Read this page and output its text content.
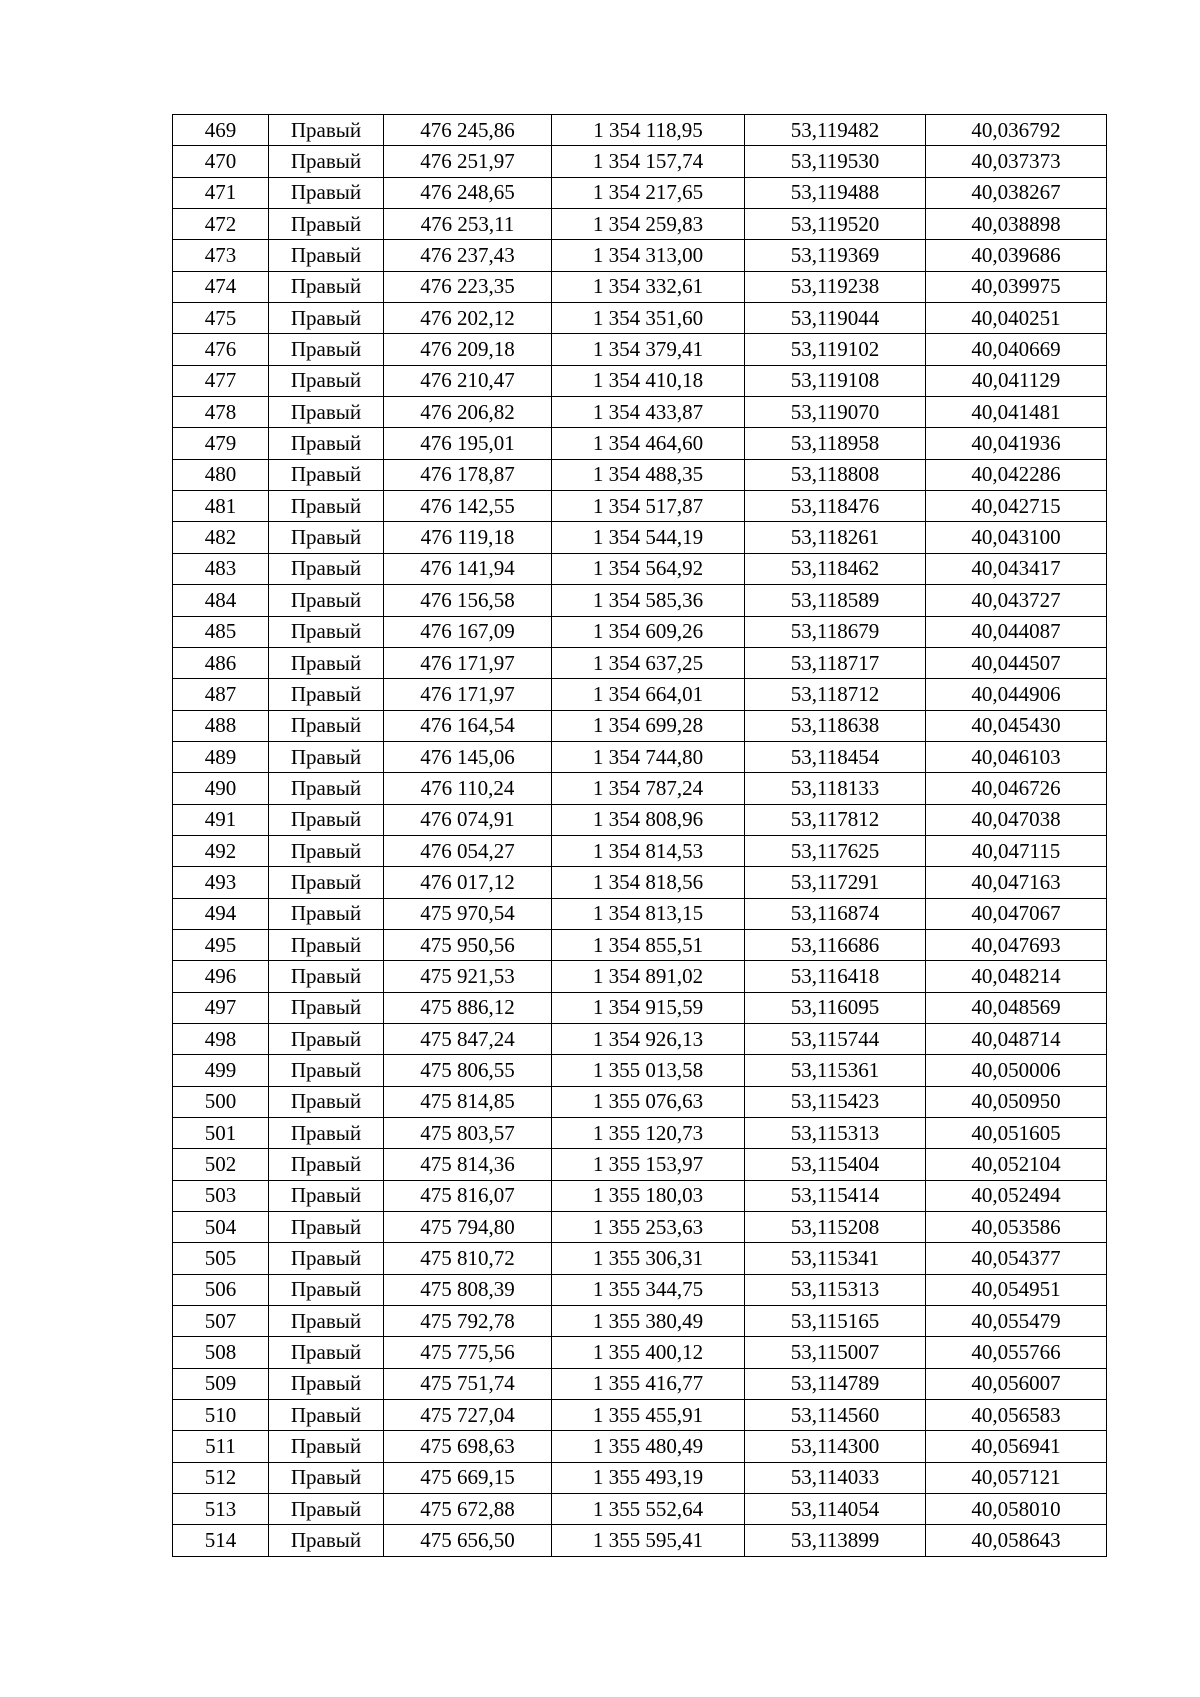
469	Правый	476 245,86	1 354 118,95	53,119482	40,036792
470	Правый	476 251,97	1 354 157,74	53,119530	40,037373
471	Правый	476 248,65	1 354 217,65	53,119488	40,038267
472	Правый	476 253,11	1 354 259,83	53,119520	40,038898
473	Правый	476 237,43	1 354 313,00	53,119369	40,039686
474	Правый	476 223,35	1 354 332,61	53,119238	40,039975
475	Правый	476 202,12	1 354 351,60	53,119044	40,040251
476	Правый	476 209,18	1 354 379,41	53,119102	40,040669
477	Правый	476 210,47	1 354 410,18	53,119108	40,041129
478	Правый	476 206,82	1 354 433,87	53,119070	40,041481
479	Правый	476 195,01	1 354 464,60	53,118958	40,041936
480	Правый	476 178,87	1 354 488,35	53,118808	40,042286
481	Правый	476 142,55	1 354 517,87	53,118476	40,042715
482	Правый	476 119,18	1 354 544,19	53,118261	40,043100
483	Правый	476 141,94	1 354 564,92	53,118462	40,043417
484	Правый	476 156,58	1 354 585,36	53,118589	40,043727
485	Правый	476 167,09	1 354 609,26	53,118679	40,044087
486	Правый	476 171,97	1 354 637,25	53,118717	40,044507
487	Правый	476 171,97	1 354 664,01	53,118712	40,044906
488	Правый	476 164,54	1 354 699,28	53,118638	40,045430
489	Правый	476 145,06	1 354 744,80	53,118454	40,046103
490	Правый	476 110,24	1 354 787,24	53,118133	40,046726
491	Правый	476 074,91	1 354 808,96	53,117812	40,047038
492	Правый	476 054,27	1 354 814,53	53,117625	40,047115
493	Правый	476 017,12	1 354 818,56	53,117291	40,047163
494	Правый	475 970,54	1 354 813,15	53,116874	40,047067
495	Правый	475 950,56	1 354 855,51	53,116686	40,047693
496	Правый	475 921,53	1 354 891,02	53,116418	40,048214
497	Правый	475 886,12	1 354 915,59	53,116095	40,048569
498	Правый	475 847,24	1 354 926,13	53,115744	40,048714
499	Правый	475 806,55	1 355 013,58	53,115361	40,050006
500	Правый	475 814,85	1 355 076,63	53,115423	40,050950
501	Правый	475 803,57	1 355 120,73	53,115313	40,051605
502	Правый	475 814,36	1 355 153,97	53,115404	40,052104
503	Правый	475 816,07	1 355 180,03	53,115414	40,052494
504	Правый	475 794,80	1 355 253,63	53,115208	40,053586
505	Правый	475 810,72	1 355 306,31	53,115341	40,054377
506	Правый	475 808,39	1 355 344,75	53,115313	40,054951
507	Правый	475 792,78	1 355 380,49	53,115165	40,055479
508	Правый	475 775,56	1 355 400,12	53,115007	40,055766
509	Правый	475 751,74	1 355 416,77	53,114789	40,056007
510	Правый	475 727,04	1 355 455,91	53,114560	40,056583
511	Правый	475 698,63	1 355 480,49	53,114300	40,056941
512	Правый	475 669,15	1 355 493,19	53,114033	40,057121
513	Правый	475 672,88	1 355 552,64	53,114054	40,058010
514	Правый	475 656,50	1 355 595,41	53,113899	40,058643
